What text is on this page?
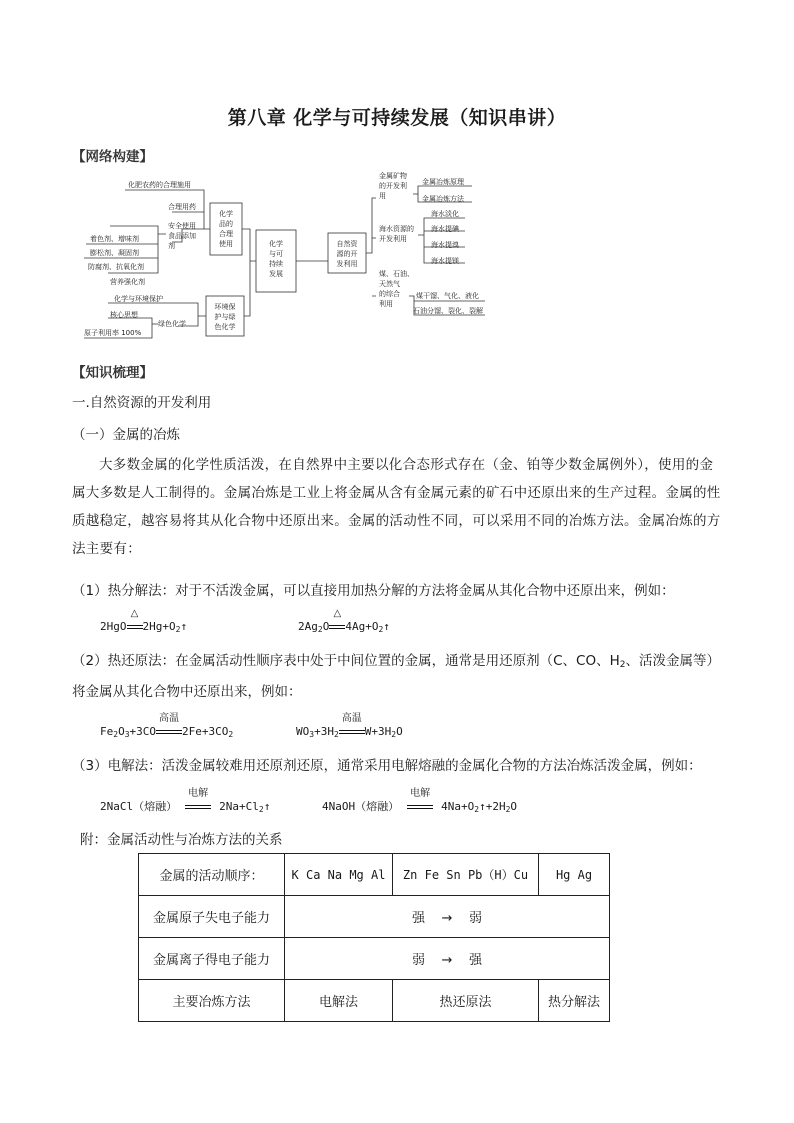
第八章 化学与可持续发展（知识串讲）
【网络构建】
化学
与可
持续
发展
化学
品的
合理
使用
环境保
护与绿
色化学
自然资
源的开
发利用
化肥农药的合理施用
合理用药
安全使用
食品添加
剂
着色剂、增味剂
膨松剂、凝固剂
防腐剂、抗氧化剂
营养强化剂
化学与环境保护
绿色化学
核心思想
原子利用率 100%
金属矿物
的开发利
用
金属冶炼原理
金属冶炼方法
海水资源的
开发利用
海水淡化
海水提碘
海水提溴
海水提镁
煤、石油、
天然气
的综合
利用
煤干馏、气化、液化
石油分馏、裂化、裂解
【知识梳理】
一.自然资源的开发利用
（一）金属的冶炼
大多数金属的化学性质活泼，在自然界中主要以化合态形式存在（金、铂等少数金属例外），使用的金属大多数是人工制得的。金属冶炼是工业上将金属从含有金属元素的矿石中还原出来的生产过程。金属的性质越稳定，越容易将其从化合物中还原出来。金属的活动性不同，可以采用不同的冶炼方法。金属冶炼的方法主要有：
（1）热分解法：对于不活泼金属，可以直接用加热分解的方法将金属从其化合物中还原出来，例如：
2HgO
△
$2Hg+O_2↑$	$2Ag_2O$
△
$4Ag+O_2↑$
（2）热还原法：在金属活动性顺序表中处于中间位置的金属，通常是用还原剂（C、CO、$H_2$、活泼金属等）
将金属从其化合物中还原出来，例如：
$Fe_2O_3+3CO$
高温
$2Fe+3CO_2$	$WO_3+3H_2$
高温
$W+3H_2O$
（3）电解法：活泼金属较难用还原剂还原，通常采用电解熔融的金属化合物的方法冶炼活泼金属，例如：
2NaCl（熔融）
电解
$2Na+Cl_2↑$	4NaOH（熔融）
电解
$4Na+O_2↑+2H_2O$
附：金属活动性与冶炼方法的关系
金属的活动顺序：	K Ca Na Mg Al	Zn Fe Sn Pb（H）Cu	Hg Ag
金属原子失电子能力	强    →    弱		
金属离子得电子能力	弱    →    强		
主要冶炼方法	电解法	热还原法	热分解法
